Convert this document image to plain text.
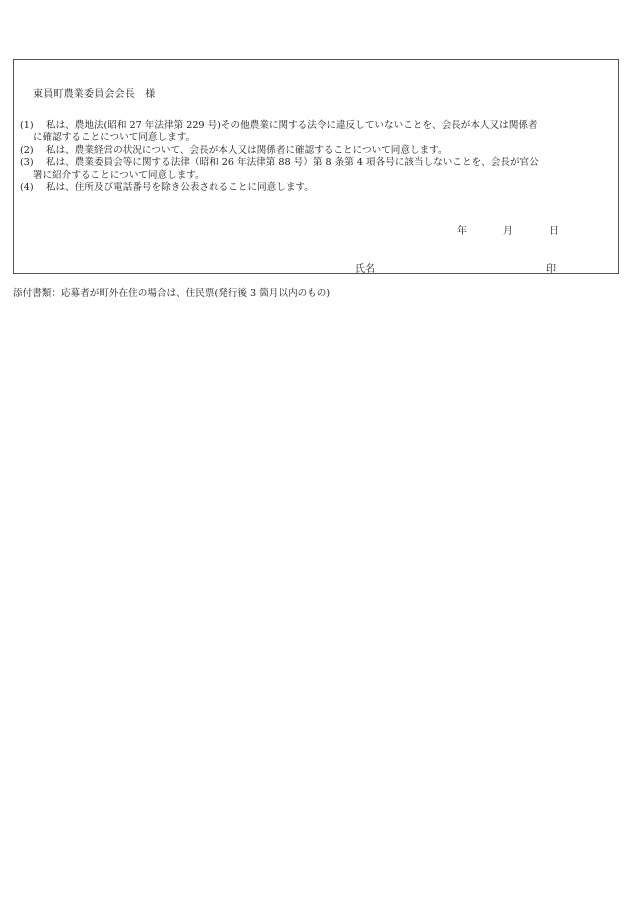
東員町農業委員会会長　様
(1)	私は、農地法(昭和 27 年法律第 229 号)その他農業に関する法令に違反していないことを、会長が本人又は関係者
に確認することについて同意します。
(2)	私は、農業経営の状況について、会長が本人又は関係者に確認することについて同意します。
(3)	私は、農業委員会等に関する法律（昭和 26 年法律第 88 号）第 8 条第 4 項各号に該当しないことを、会長が官公
署に紹介することについて同意します。
(4)	私は、住所及び電話番号を除き公表されることに同意します。
年	月	日
氏名	印
添付書類：応募者が町外在住の場合は、住民票(発行後 3 箇月以内のもの)
